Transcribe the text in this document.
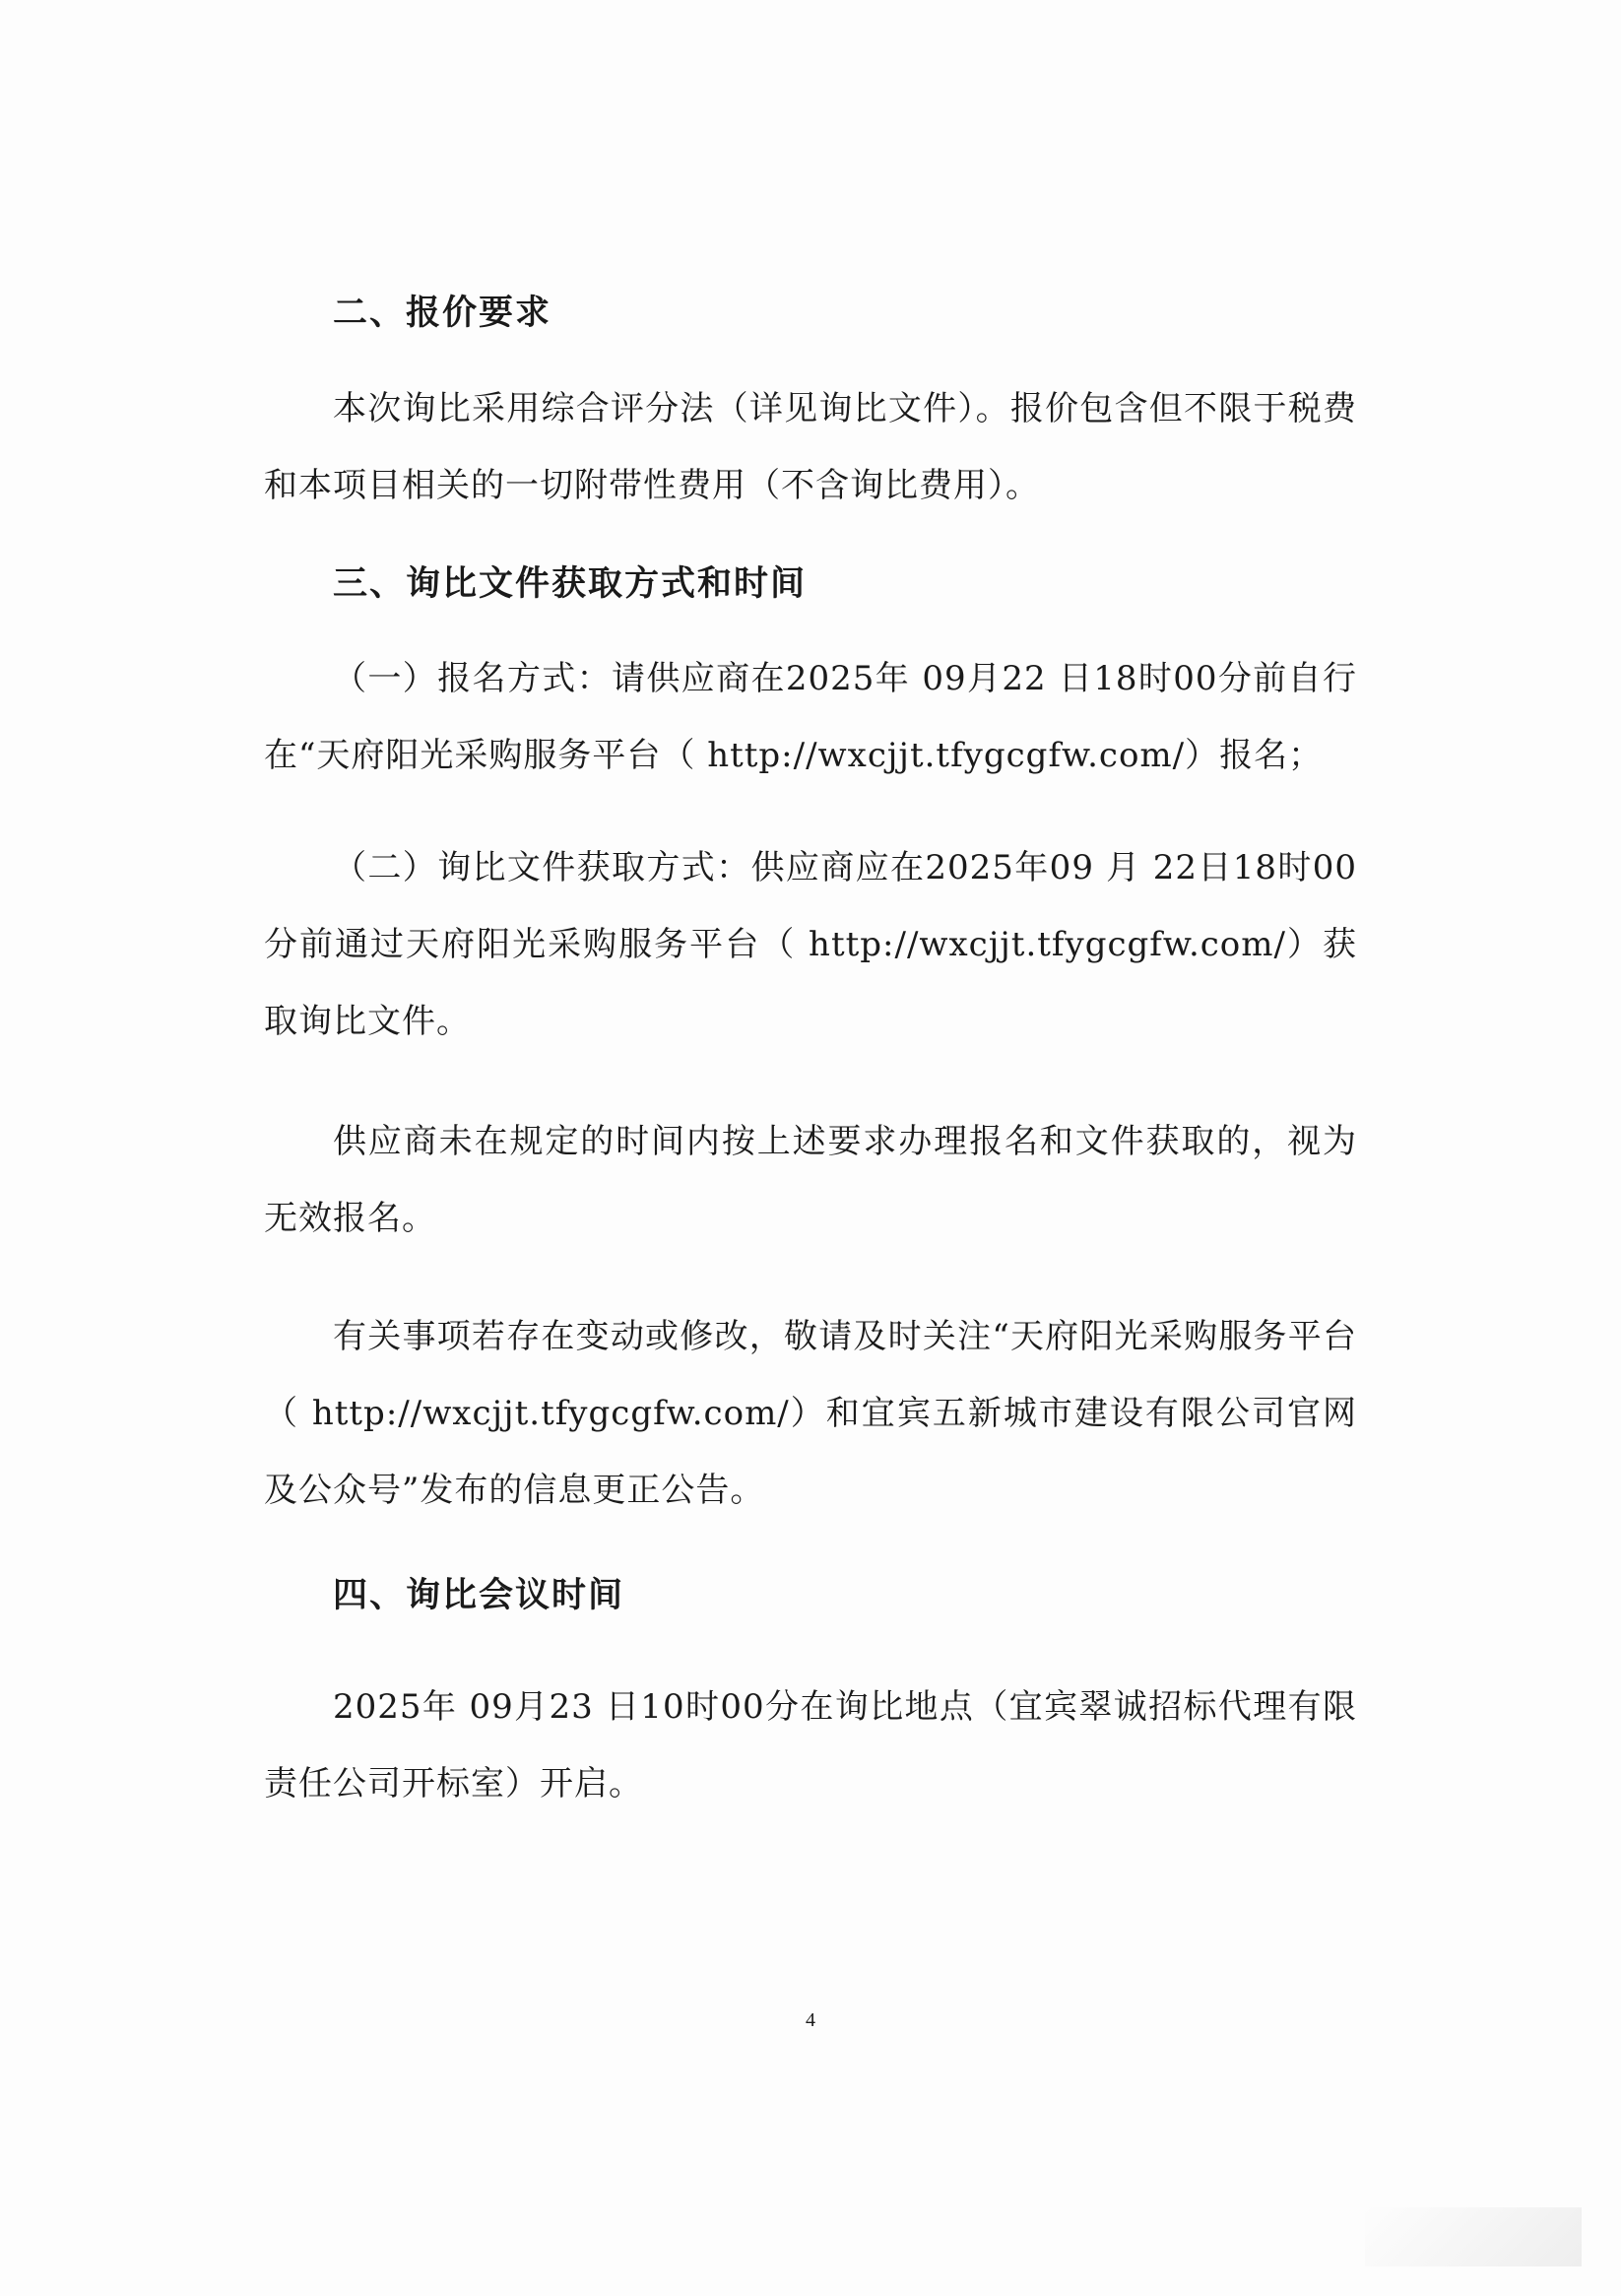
二、报价要求

本次询比采用综合评分法（详见询比文件）。报价包含但不限于税费和本项目相关的一切附带性费用（不含询比费用）。

三、询比文件获取方式和时间

（一）报名方式：请供应商在2025年 09月22 日18时00分前自行在“天府阳光采购服务平台（ http://wxcjjt.tfygcgfw.com/）报名；

（二）询比文件获取方式：供应商应在2025年09 月 22日18时00分前通过天府阳光采购服务平台（ http://wxcjjt.tfygcgfw.com/）获取询比文件。

供应商未在规定的时间内按上述要求办理报名和文件获取的，视为无效报名。

有关事项若存在变动或修改，敬请及时关注“天府阳光采购服务平台（ http://wxcjjt.tfygcgfw.com/）和宜宾五新城市建设有限公司官网及公众号”发布的信息更正公告。

四、询比会议时间

2025年 09月23 日10时00分在询比地点（宜宾翠诚招标代理有限责任公司开标室）开启。

4
